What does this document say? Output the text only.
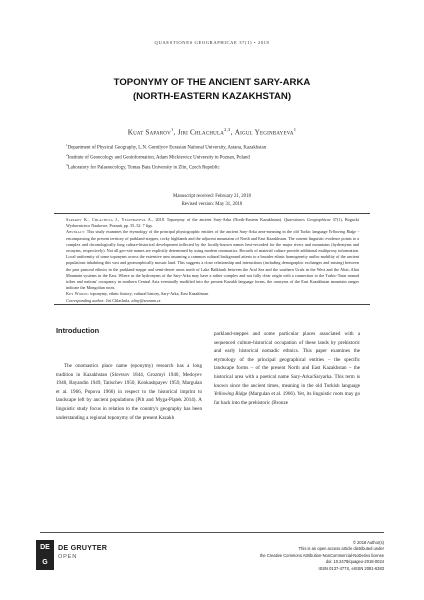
QUAESTIONES GEOGRAPHICAE 37(1) • 2018
TOPONYMY OF THE ANCIENT SARY-ARKA
(NORTH-EASTERN KAZAKHSTAN)
Kuat Saparov$^1$, Jiri Chlachula$^{2,3}$, Aigul Yeginbayeva$^1$
$^1$Department of Physical Geography, L.N. Gumilyov Eurasian National University, Astana, Kazakhstan
$^2$Institute of Geoecology and Geoinformation, Adam Mickiewicz University in Poznan, Poland
$^3$Laboratory for Palaeoecology, Tomas Bata University in Zlin, Czech Republic
Manuscript received: February 21, 2018
Revised version: May 31, 2018

Saparov K., Chlachula J., Yeginbayeva A., 2018. Toponymy of the ancient Sary-Arka (North-Eastern Kazakhstan). Quaestiones Geographicae 37(1), Bogucki Wydawnictwo Naukowe, Poznań, pp. 35–52. 7 figs.

Abstract: This study examines the etymology of the principal physiographic entities of the ancient Sary-Arka area-meaning in the old Turkic language Yellowing Ridge -encompassing the present territory of parkland-steppes, rocky highlands and the adjacent mountains of North and East Kazakhstan. The current linguistic evidence points to a complex and chronologically long culture-historical development inflected by the locally-known names best-recorded for the major rivers and mountains (hydronyms and oronyms, respectively). Not all geo-site names are explicitly determined by using modern onomastics. Records of material culture provide additional multiproxy information. Local uniformity of some toponyms across the extensive area assuming a common cultural background attests to a broader ethnic homogeneity and/or mobility of the ancient populations inhabiting this vast and geomorphically mosaic land. This suggests a close relationship and interactions (including demographic exchanges and mixing) between the past pastoral ethnics in the parkland-steppe and semi-desert areas north of Lake Balkhash between the Aral Sea and the southern Urals in the West and the Altai–Altai Mountain systems in the East. Where as the hydronyms of the Sary-Arka may have a rather complex and not fully clear origin with a connection to the Turkic-Tatar nomad tribes and nations' occupancy in northern Central Asia eventually modified into the present Kazakh language forms, the oronyms of the East Kazakhstan mountain ranges indicate the Mongolian roots.

Key Words: toponymy, ethnic history, cultural history, Sary-Arka, East Kazakhstan

Corresponding author: Jiri Chlachula, altay@seznam.cz

Introduction

The onomastics place name (eponymy) research has a long tradition in Kazakhstan (Slovtsov 1844, Grozmyi 1940, Medoyev 1948, Bayandin 1949, Tatischev 1950, Konkashpayev 1959, Margulan et al. 1966, Popova 1966) in respect to the historical imprint to landscape left by ancient populations (Pilt and Myga-Piątek 2014). A linguistic study focus in relation to the country's geography has been understanding a regional toponymy of the present Kazakh

parkland-steppes and some particular places associated with a sequenced culture-historical occupation of these lands by prehistoric and early historical nomadic ethnics. This paper examines the etymology of the principal geographical entities – the specific landscape forms – of the present North and East Kazakhstan – the historical area with a poetical name Sary-Arka/Saryarka. This term is known since the ancient times, meaning in the old Turkish language Yellowing Ridge (Margulan et al. 1966). Yet, its linguistic roots may go far back into the prehistoric (Bronze

DE
G
DE GRUYTER
OPEN
© 2018 Author(s)
This is an open access article distributed under
the Creative Commons Attribution-NonCommercial-NoDerivs license
doi: 10.2478/quageo-2018-0024
ISSN 0137-477X, eISSN 2081-6383
